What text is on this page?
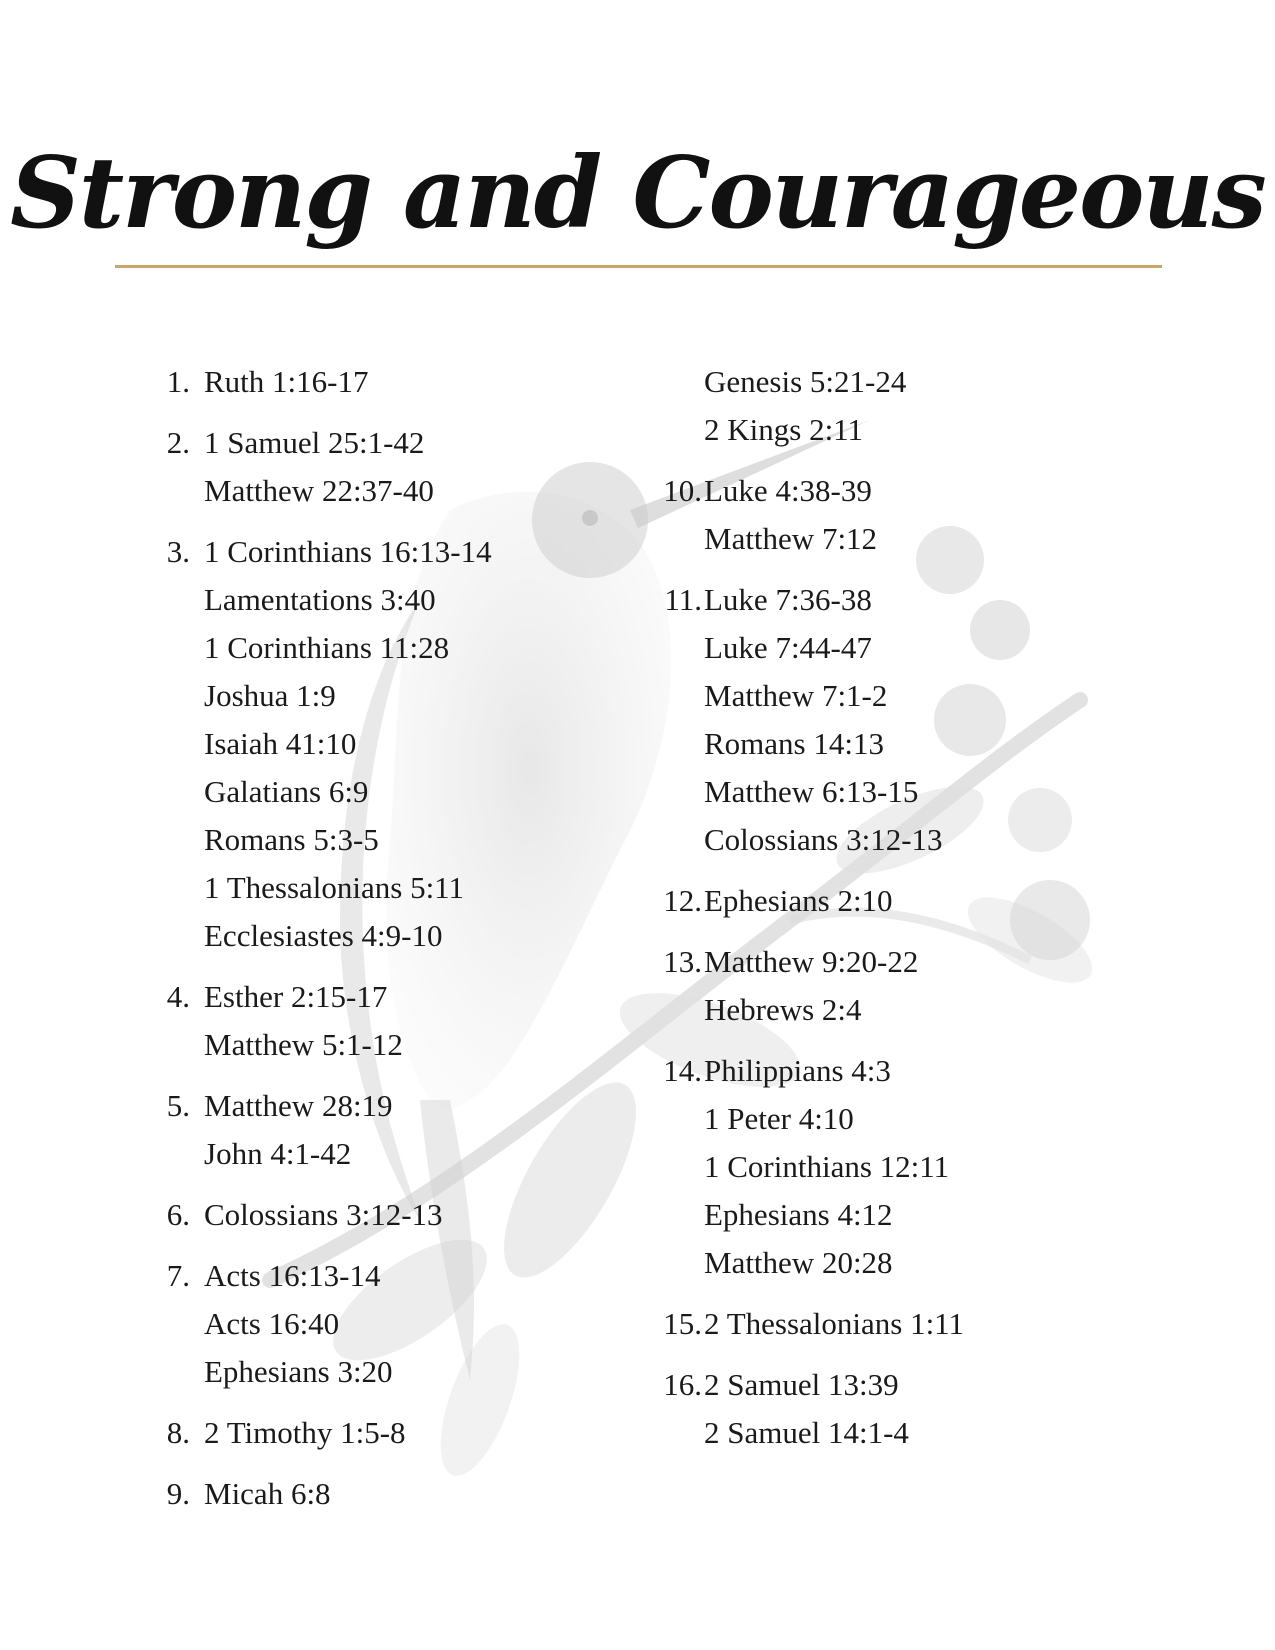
Strong and Courageous
1. Ruth 1:16-17
2. 1 Samuel 25:1-42
Matthew 22:37-40
3. 1 Corinthians 16:13-14
Lamentations 3:40
1 Corinthians 11:28
Joshua 1:9
Isaiah 41:10
Galatians 6:9
Romans 5:3-5
1 Thessalonians 5:11
Ecclesiastes 4:9-10
4. Esther 2:15-17
Matthew 5:1-12
5. Matthew 28:19
John 4:1-42
6. Colossians 3:12-13
7. Acts 16:13-14
Acts 16:40
Ephesians 3:20
8. 2 Timothy 1:5-8
9. Micah 6:8
Genesis 5:21-24
2 Kings 2:11
10. Luke 4:38-39
Matthew 7:12
11. Luke 7:36-38
Luke 7:44-47
Matthew 7:1-2
Romans 14:13
Matthew 6:13-15
Colossians 3:12-13
12. Ephesians 2:10
13. Matthew 9:20-22
Hebrews 2:4
14. Philippians 4:3
1 Peter 4:10
1 Corinthians 12:11
Ephesians 4:12
Matthew 20:28
15. 2 Thessalonians 1:11
16. 2 Samuel 13:39
2 Samuel 14:1-4
